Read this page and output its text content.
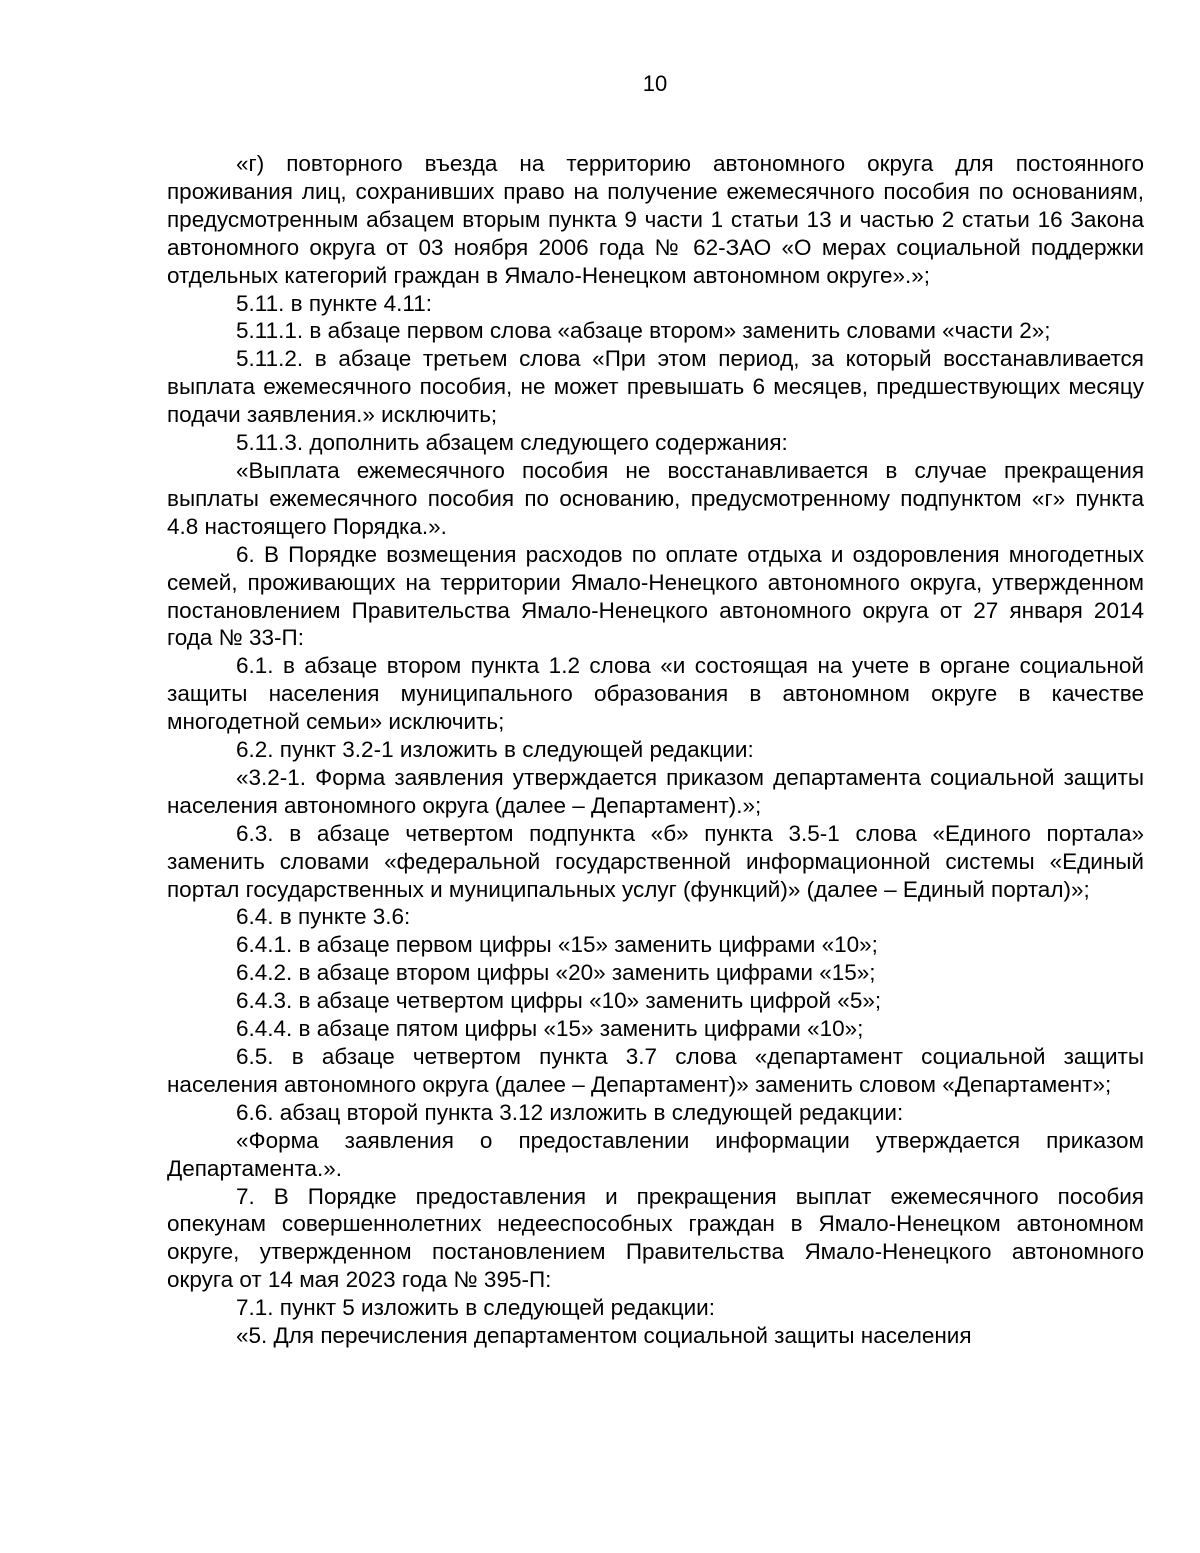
10

«г) повторного въезда на территорию автономного округа для постоянного проживания лиц, сохранивших право на получение ежемесячного пособия по основаниям, предусмотренным абзацем вторым пункта 9 части 1 статьи 13 и частью 2 статьи 16 Закона автономного округа от 03 ноября 2006 года № 62-ЗАО «О мерах социальной поддержки отдельных категорий граждан в Ямало-Ненецком автономном округе».»;

5.11. в пункте 4.11:

5.11.1. в абзаце первом слова «абзаце втором» заменить словами «части 2»;

5.11.2. в абзаце третьем слова «При этом период, за который восстанавливается выплата ежемесячного пособия, не может превышать 6 месяцев, предшествующих месяцу подачи заявления.» исключить;

5.11.3. дополнить абзацем следующего содержания:

«Выплата ежемесячного пособия не восстанавливается в случае прекращения выплаты ежемесячного пособия по основанию, предусмотренному подпунктом «г» пункта 4.8 настоящего Порядка.».

6. В Порядке возмещения расходов по оплате отдыха и оздоровления многодетных семей, проживающих на территории Ямало-Ненецкого автономного округа, утвержденном постановлением Правительства Ямало-Ненецкого автономного округа от 27 января 2014 года № 33-П:

6.1. в абзаце втором пункта 1.2 слова «и состоящая на учете в органе социальной защиты населения муниципального образования в автономном округе в качестве многодетной семьи» исключить;

6.2. пункт 3.2-1 изложить в следующей редакции:

«3.2-1. Форма заявления утверждается приказом департамента социальной защиты населения автономного округа (далее – Департамент).»;

6.3. в абзаце четвертом подпункта «б» пункта 3.5-1 слова «Единого портала» заменить словами «федеральной государственной информационной системы «Единый портал государственных и муниципальных услуг (функций)» (далее – Единый портал)»;

6.4. в пункте 3.6:

6.4.1. в абзаце первом цифры «15» заменить цифрами «10»;

6.4.2. в абзаце втором цифры «20» заменить цифрами «15»;

6.4.3. в абзаце четвертом цифры «10» заменить цифрой «5»;

6.4.4. в абзаце пятом цифры «15» заменить цифрами «10»;

6.5. в абзаце четвертом пункта 3.7 слова «департамент социальной защиты населения автономного округа (далее – Департамент)» заменить словом «Департамент»;

6.6. абзац второй пункта 3.12 изложить в следующей редакции:

«Форма заявления о предоставлении информации утверждается приказом Департамента.».

7. В Порядке предоставления и прекращения выплат ежемесячного пособия опекунам совершеннолетних недееспособных граждан в Ямало-Ненецком автономном округе, утвержденном постановлением Правительства Ямало-Ненецкого автономного округа от 14 мая 2023 года № 395-П:

7.1. пункт 5 изложить в следующей редакции:

«5. Для перечисления департаментом социальной защиты населения
